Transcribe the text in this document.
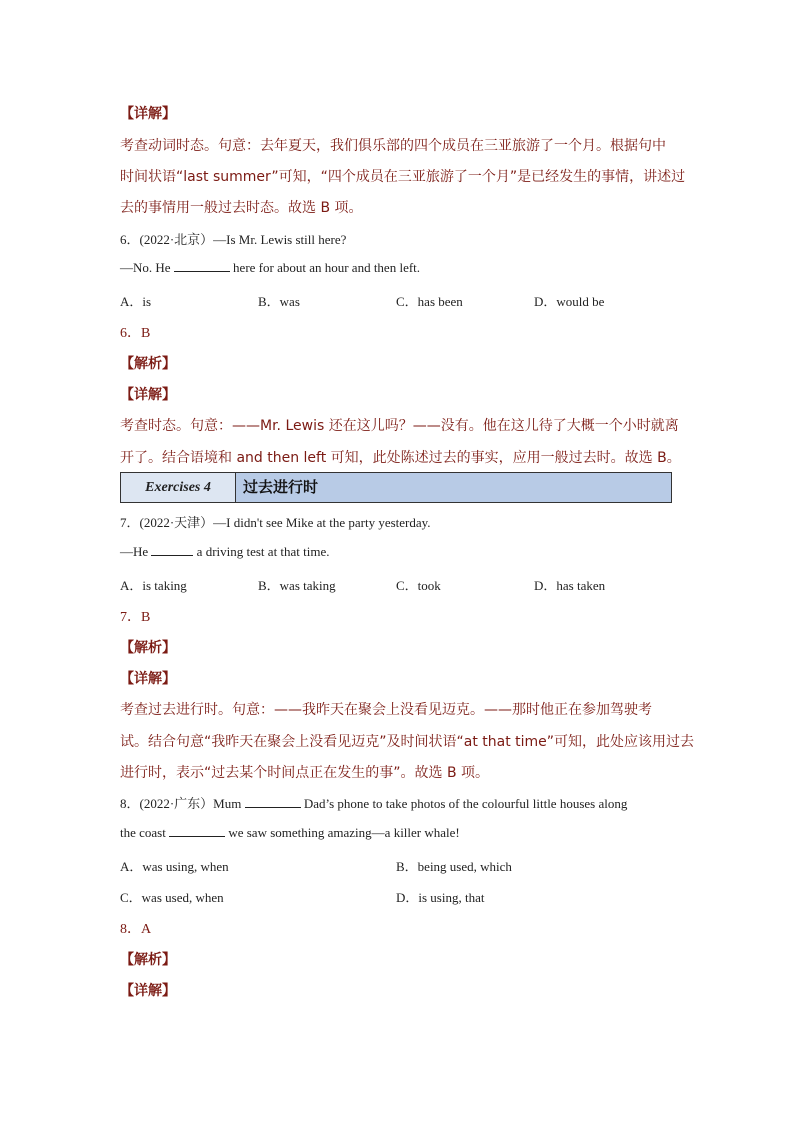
【详解】
考查动词时态。句意：去年夏天，我们俱乐部的四个成员在三亚旅游了一个月。根据句中
时间状语“last summer”可知，“四个成员在三亚旅游了一个月”是已经发生的事情，讲述过
去的事情用一般过去时态。故选 B 项。
6．(2022·北京）—Is Mr. Lewis still here?
—No. He	here for about an hour and then left.
A．is	B．was	C．has been	D．would be
6．B
【解析】
【详解】
考查时态。句意：——Mr. Lewis 还在这儿吗？——没有。他在这儿待了大概一个小时就离
开了。结合语境和 and then left 可知，此处陈述过去的事实，应用一般过去时。故选 B。
Exercises 4	过去进行时
7．(2022·天津）—I didn't see Mike at the party yesterday.
—He	a driving test at that time.
A．is taking	B．was taking	C．took	D．has taken
7．B
【解析】
【详解】
考查过去进行时。句意：——我昨天在聚会上没看见迈克。——那时他正在参加驾驶考
试。结合句意“我昨天在聚会上没看见迈克”及时间状语“at that time”可知，此处应该用过去
进行时，表示“过去某个时间点正在发生的事”。故选 B 项。
8．(2022·广东）Mum	Dad’s phone to take photos of the colourful little houses along
the coast	we saw something amazing—a killer whale!
A．was using, when	B．being used, which
C．was used, when	D．is using, that
8．A
【解析】
【详解】
